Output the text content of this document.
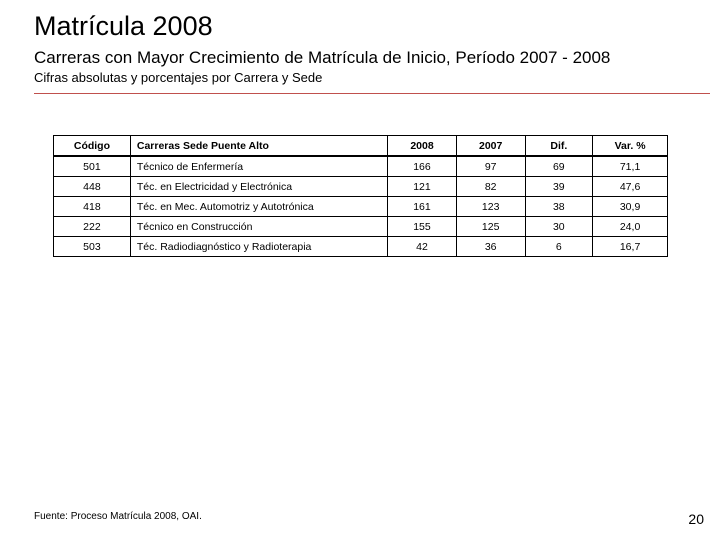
Matrícula 2008
Carreras con Mayor Crecimiento de Matrícula de Inicio, Período 2007 - 2008
Cifras absolutas y porcentajes por Carrera y Sede
Código	Carreras Sede Puente Alto	2008	2007	Dif.	Var. %
501	Técnico de Enfermería	166	97	69	71,1
448	Téc. en Electricidad y Electrónica	121	82	39	47,6
418	Téc. en Mec. Automotriz y Autotrónica	161	123	38	30,9
222	Técnico en Construcción	155	125	30	24,0
503	Téc. Radiodiagnóstico y Radioterapia	42	36	6	16,7
Fuente: Proceso Matrícula 2008, OAI.	20
